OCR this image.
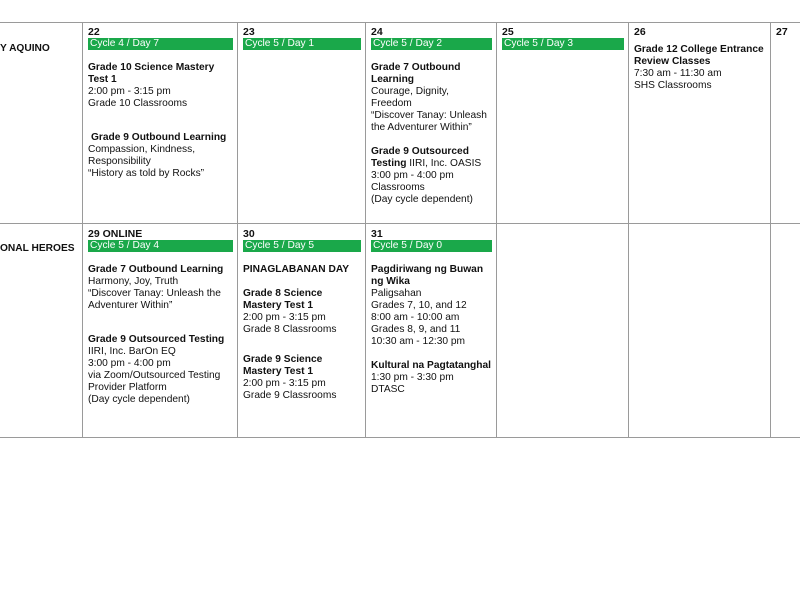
Y AQUINO
22
Cycle 4 / Day 7
Grade 10 Science Mastery Test 1
2:00 pm - 3:15 pm
Grade 10 Classrooms
Grade 9 Outbound Learning
Compassion, Kindness, Responsibility
“History as told by Rocks”
23
Cycle 5 / Day 1
24
Cycle 5 / Day 2
Grade 7 Outbound Learning
Courage, Dignity, Freedom
“Discover Tanay: Unleash the Adventurer Within”
Grade 9 Outsourced Testing IIRI, Inc. OASIS
3:00 pm - 4:00 pm
Classrooms
(Day cycle dependent)
25
Cycle 5 / Day 3
26
Grade 12 College Entrance Review Classes
7:30 am - 11:30 am
SHS Classrooms
27
ONAL HEROES
29 ONLINE
Cycle 5 / Day 4
Grade 7 Outbound Learning
Harmony, Joy, Truth
“Discover Tanay: Unleash the Adventurer Within”
Grade 9 Outsourced Testing IIRI, Inc. BarOn EQ
3:00 pm - 4:00 pm
via Zoom/Outsourced Testing Provider Platform
(Day cycle dependent)
30
Cycle 5 / Day 5
PINAGLABANAN DAY
Grade 8 Science Mastery Test 1
2:00 pm - 3:15 pm
Grade 8 Classrooms
Grade 9 Science Mastery Test 1
2:00 pm - 3:15 pm
Grade 9 Classrooms
31
Cycle 5 / Day 0
Pagdiriwang ng Buwan ng Wika
Paligsahan
Grades 7, 10, and 12
8:00 am - 10:00 am
Grades 8, 9, and 11
10:30 am - 12:30 pm
Kultural na Pagtatanghal
1:30 pm - 3:30 pm
DTASC
